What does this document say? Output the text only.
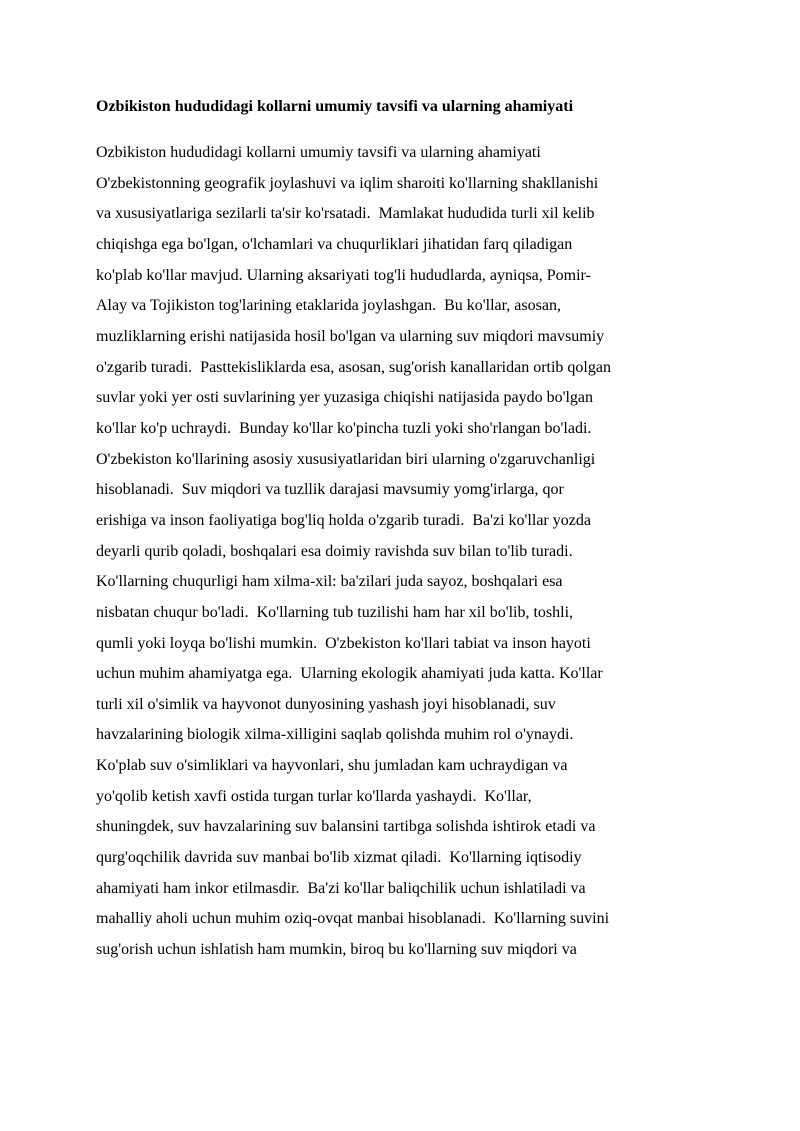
Ozbikiston hududidagi kollarni umumiy tavsifi va ularning ahamiyati
Ozbikiston hududidagi kollarni umumiy tavsifi va ularning ahamiyati
O'zbekistonning geografik joylashuvi va iqlim sharoiti ko'llarning shakllanishi
va xususiyatlariga sezilarli ta'sir ko'rsatadi.  Mamlakat hududida turli xil kelib
chiqishga ega bo'lgan, o'lchamlari va chuqurliklari jihatidan farq qiladigan
ko'plab ko'llar mavjud. Ularning aksariyati tog'li hududlarda, ayniqsa, Pomir-
Alay va Tojikiston tog'larining etaklarida joylashgan.  Bu ko'llar, asosan,
muzliklarning erishi natijasida hosil bo'lgan va ularning suv miqdori mavsumiy
o'zgarib turadi.  Pasttekisliklarda esa, asosan, sug'orish kanallaridan ortib qolgan
suvlar yoki yer osti suvlarining yer yuzasiga chiqishi natijasida paydo bo'lgan
ko'llar ko'p uchraydi.  Bunday ko'llar ko'pincha tuzli yoki sho'rlangan bo'ladi.
O'zbekiston ko'llarining asosiy xususiyatlaridan biri ularning o'zgaruvchanligi
hisoblanadi.  Suv miqdori va tuzllik darajasi mavsumiy yomg'irlarga, qor
erishiga va inson faoliyatiga bog'liq holda o'zgarib turadi.  Ba'zi ko'llar yozda
deyarli qurib qoladi, boshqalari esa doimiy ravishda suv bilan to'lib turadi.
Ko'llarning chuqurligi ham xilma-xil: ba'zilari juda sayoz, boshqalari esa
nisbatan chuqur bo'ladi.  Ko'llarning tub tuzilishi ham har xil bo'lib, toshli,
qumli yoki loyqa bo'lishi mumkin.  O'zbekiston ko'llari tabiat va inson hayoti
uchun muhim ahamiyatga ega.  Ularning ekologik ahamiyati juda katta. Ko'llar
turli xil o'simlik va hayvonot dunyosining yashash joyi hisoblanadi, suv
havzalarining biologik xilma-xilligini saqlab qolishda muhim rol o'ynaydi.
Ko'plab suv o'simliklari va hayvonlari, shu jumladan kam uchraydigan va
yo'qolib ketish xavfi ostida turgan turlar ko'llarda yashaydi.  Ko'llar,
shuningdek, suv havzalarining suv balansini tartibga solishda ishtirok etadi va
qurg'oqchilik davrida suv manbai bo'lib xizmat qiladi.  Ko'llarning iqtisodiy
ahamiyati ham inkor etilmasdir.  Ba'zi ko'llar baliqchilik uchun ishlatiladi va
mahalliy aholi uchun muhim oziq-ovqat manbai hisoblanadi.  Ko'llarning suvini
sug'orish uchun ishlatish ham mumkin, biroq bu ko'llarning suv miqdori va
